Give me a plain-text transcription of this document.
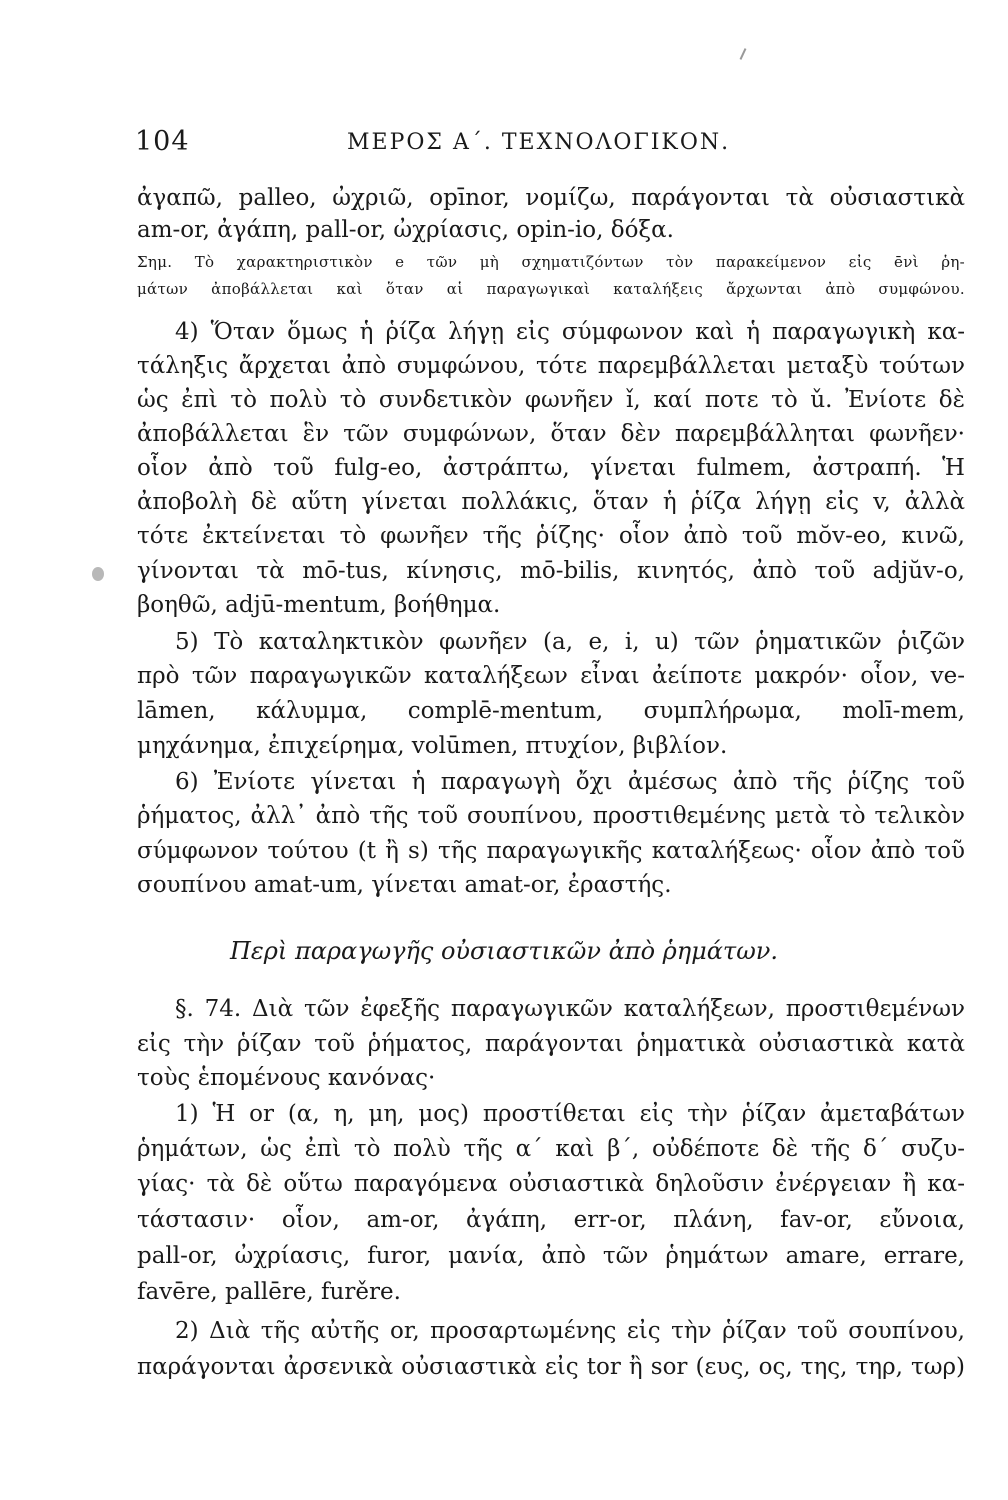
104	ΜΕΡΟΣ Α΄. ΤΕΧΝΟΛΟΓΙΚΟΝ.
ἀγαπῶ, palleo, ὠχριῶ, opīnor, νομίζω, παράγονται τὰ οὐσιαστικὰ
am-or, ἀγάπη, pall-or, ὠχρίασις, opin-io, δόξα.
Σημ. Τὸ χαρακτηριστικὸν e τῶν μὴ σχηματιζόντων τὸν παρακείμενον εἰς ēνὶ ῥη-
μάτων ἀποβάλλεται καὶ ὅταν αἱ παραγωγικαὶ καταλήξεις ἄρχωνται ἀπὸ συμφώνου.
4) Ὅταν ὅμως ἡ ῥίζα λήγῃ εἰς σύμφωνον καὶ ἡ παραγωγικὴ κα-
τάληξις ἄρχεται ἀπὸ συμφώνου, τότε παρεμβάλλεται μεταξὺ τούτων
ὡς ἐπὶ τὸ πολὺ τὸ συνδετικὸν φωνῆεν ǐ, καί ποτε τὸ ǔ. Ἐνίοτε δὲ
ἀποβάλλεται ἓν τῶν συμφώνων, ὅταν δὲν παρεμβάλληται φωνῆεν·
οἷον ἀπὸ τοῦ fulg-eo, ἀστράπτω, γίνεται fulmem, ἀστραπή. Ἡ
ἀποβολὴ δὲ αὕτη γίνεται πολλάκις, ὅταν ἡ ῥίζα λήγῃ εἰς v, ἀλλὰ
τότε ἐκτείνεται τὸ φωνῆεν τῆς ῥίζης· οἷον ἀπὸ τοῦ mŏv-eo, κινῶ,
γίνονται τὰ mō-tus, κίνησις, mō-bilis, κινητός, ἀπὸ τοῦ adjŭv-o,
βοηθῶ, adjū-mentum, βοήθημα.
5) Τὸ καταληκτικὸν φωνῆεν (a, e, i, u) τῶν ῥηματικῶν ῥιζῶν
πρὸ τῶν παραγωγικῶν καταλήξεων εἶναι ἀείποτε μακρόν· οἷον, ve-
lāmen, κάλυμμα, complē-mentum, συμπλήρωμα, molī-mem,
μηχάνημα, ἐπιχείρημα, volūmen, πτυχίον, βιβλίον.
6) Ἐνίοτε γίνεται ἡ παραγωγὴ ὄχι ἀμέσως ἀπὸ τῆς ῥίζης τοῦ
ῥήματος, ἀλλ᾿ ἀπὸ τῆς τοῦ σουπίνου, προστιθεμένης μετὰ τὸ τελικὸν
σύμφωνον τούτου (t ἢ s) τῆς παραγωγικῆς καταλήξεως· οἷον ἀπὸ τοῦ
σουπίνου amat-um, γίνεται amat-or, ἐραστής.
Περὶ παραγωγῆς οὐσιαστικῶν ἀπὸ ῥημάτων.
§. 74. Διὰ τῶν ἐφεξῆς παραγωγικῶν καταλήξεων, προστιθεμένων
εἰς τὴν ῥίζαν τοῦ ῥήματος, παράγονται ῥηματικὰ οὐσιαστικὰ κατὰ
τοὺς ἑπομένους κανόνας·
1) Ἡ or (α, η, μη, μος) προστίθεται εἰς τὴν ῥίζαν ἀμεταβάτων
ῥημάτων, ὡς ἐπὶ τὸ πολὺ τῆς α΄ καὶ β΄, οὐδέποτε δὲ τῆς δ΄ συζυ-
γίας· τὰ δὲ οὕτω παραγόμενα οὐσιαστικὰ δηλοῦσιν ἐνέργειαν ἢ κα-
τάστασιν· οἷον, am-or, ἀγάπη, err-or, πλάνη, fav-or, εὔνοια,
pall-or, ὠχρίασις, furor, μανία, ἀπὸ τῶν ῥημάτων amare, errare,
favēre, pallēre, furěre.
2) Διὰ τῆς αὐτῆς or, προσαρτωμένης εἰς τὴν ῥίζαν τοῦ σουπίνου,
παράγονται ἀρσενικὰ οὐσιαστικὰ εἰς tor ἢ sor (ευς, ος, της, τηρ, τωρ)
